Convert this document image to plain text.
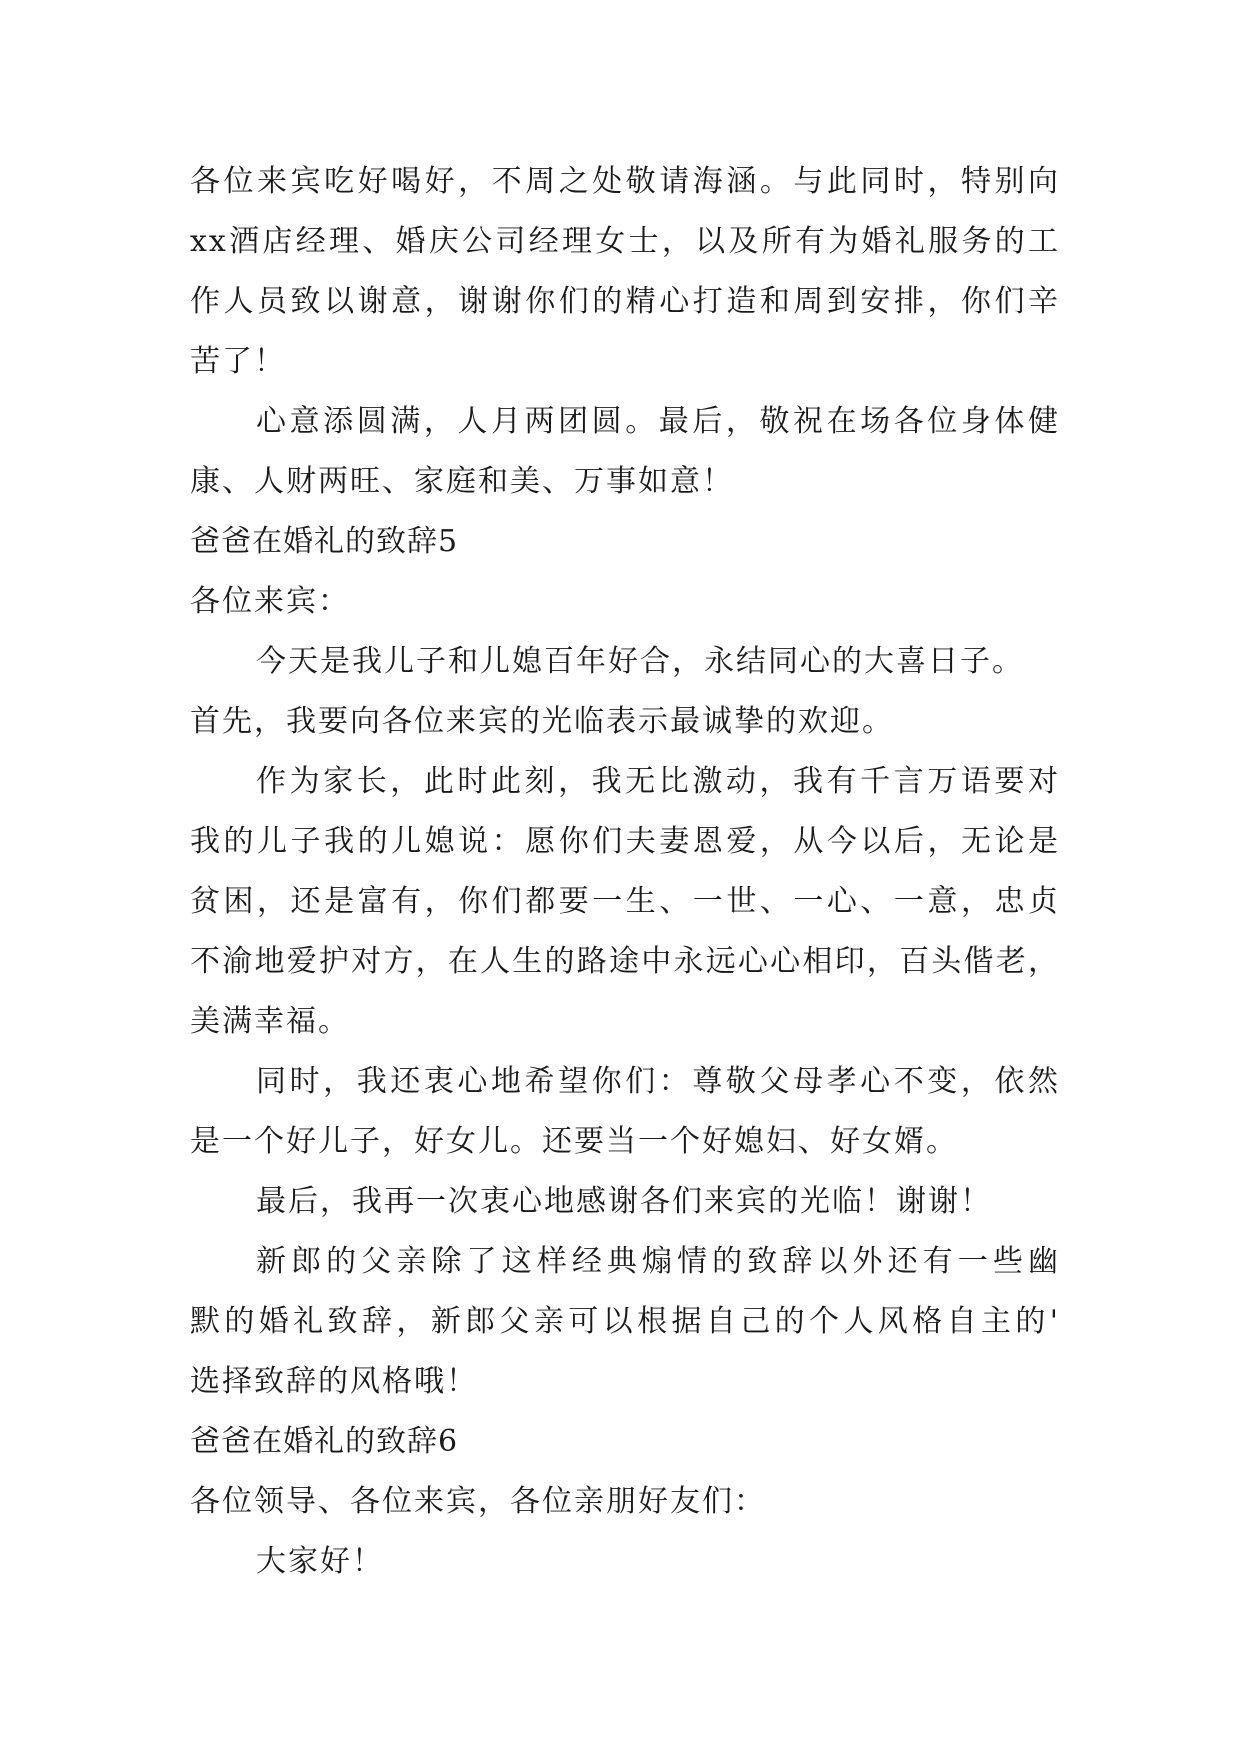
各位来宾吃好喝好，不周之处敬请海涵。与此同时，特别向
xx酒店经理、婚庆公司经理女士，以及所有为婚礼服务的工
作人员致以谢意，谢谢你们的精心打造和周到安排，你们辛
苦了！
心意添圆满，人月两团圆。最后，敬祝在场各位身体健
康、人财两旺、家庭和美、万事如意！
爸爸在婚礼的致辞5
各位来宾：
今天是我儿子和儿媳百年好合，永结同心的大喜日子。
首先，我要向各位来宾的光临表示最诚挚的欢迎。
作为家长，此时此刻，我无比激动，我有千言万语要对
我的儿子我的儿媳说：愿你们夫妻恩爱，从今以后，无论是
贫困，还是富有，你们都要一生、一世、一心、一意，忠贞
不渝地爱护对方，在人生的路途中永远心心相印，百头偕老，
美满幸福。
同时，我还衷心地希望你们：尊敬父母孝心不变，依然
是一个好儿子，好女儿。还要当一个好媳妇、好女婿。
最后，我再一次衷心地感谢各们来宾的光临！谢谢！
新郎的父亲除了这样经典煽情的致辞以外还有一些幽
默的婚礼致辞，新郎父亲可以根据自己的个人风格自主的'
选择致辞的风格哦！
爸爸在婚礼的致辞6
各位领导、各位来宾，各位亲朋好友们：
大家好！
